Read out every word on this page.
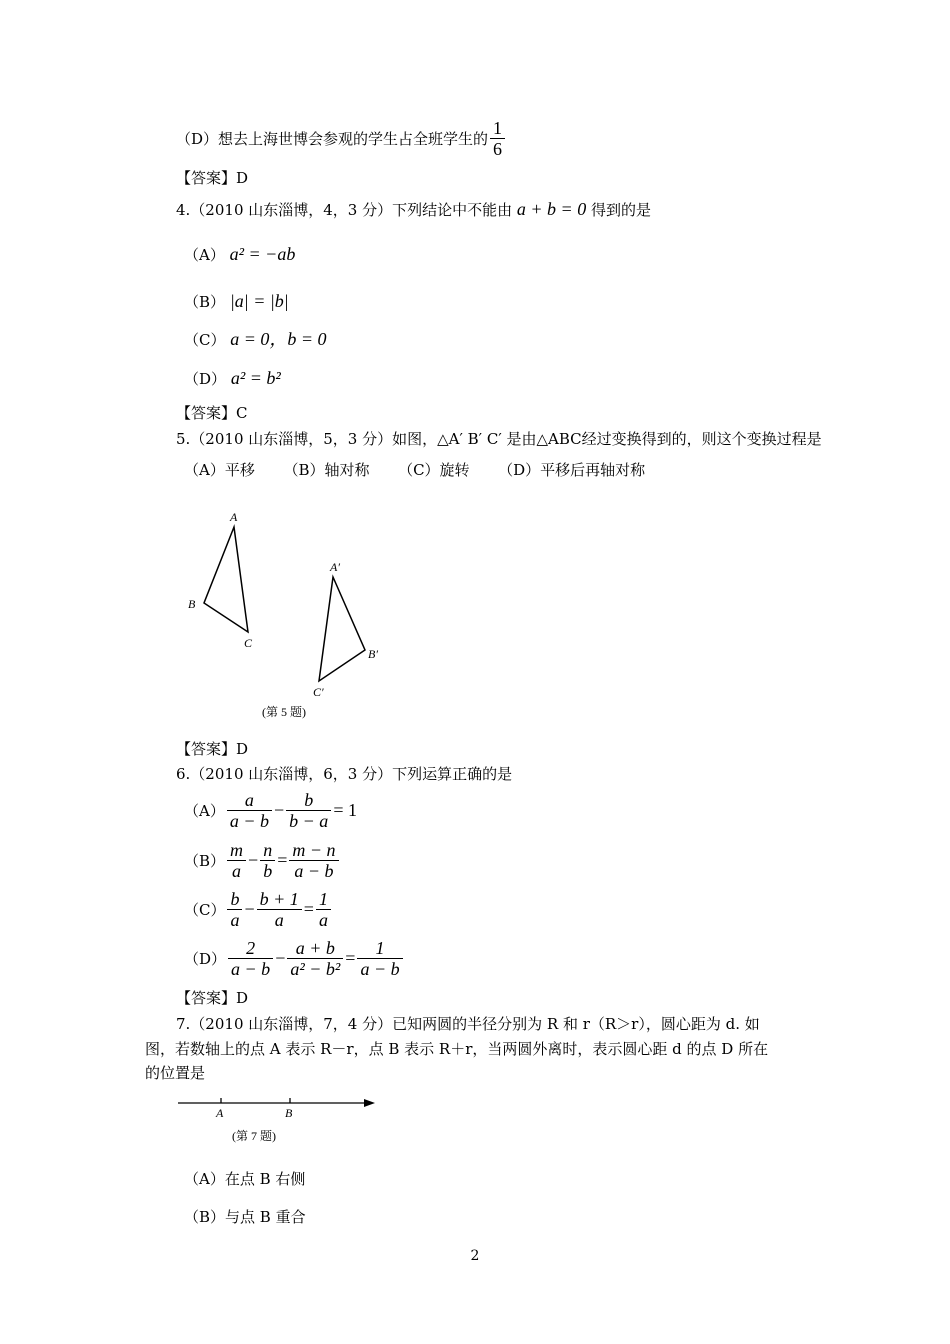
（D）想去上海世博会参观的学生占全班学生的 $\frac{1}{6}$
【答案】D
4.（2010 山东淄博，4，3 分）下列结论中不能由 a + b = 0 得到的是
（A） a² = −ab
（B） |a| = |b|
（C） a = 0，b = 0
（D） a² = b²
【答案】C
5.（2010 山东淄博，5，3 分）如图，△A′ B′ C′ 是由△ABC经过变换得到的，则这个变换过程是
（A）平移      （B）轴对称      （C）旋转      （D）平移后再轴对称
A
B
C
A′
B′
C′
(第 5 题)
【答案】D
6.（2010 山东淄博，6，3 分）下列运算正确的是
$(A) \frac{a}{a - b} - \frac{b}{b - a} = 1$
$(B) \frac{m}{a} - \frac{n}{b} = \frac{m - n}{a - b}$
$(C) \frac{b}{a} - \frac{b + 1}{a} = \frac{1}{a}$
$(D) \frac{2}{a - b} - \frac{a + b}{\text{a² − b²}} = \frac{1}{a - b}$
【答案】D
7.（2010 山东淄博，7，4 分）已知两圆的半径分别为 R 和 r（R＞r），圆心距为 d. 如
图，若数轴上的点 A 表示 R－r，点 B 表示 R＋r，当两圆外离时，表示圆心距 d 的点 D 所在
的位置是
A	B
(第 7 题)
（A）在点 B 右侧
（B）与点 B 重合
2
